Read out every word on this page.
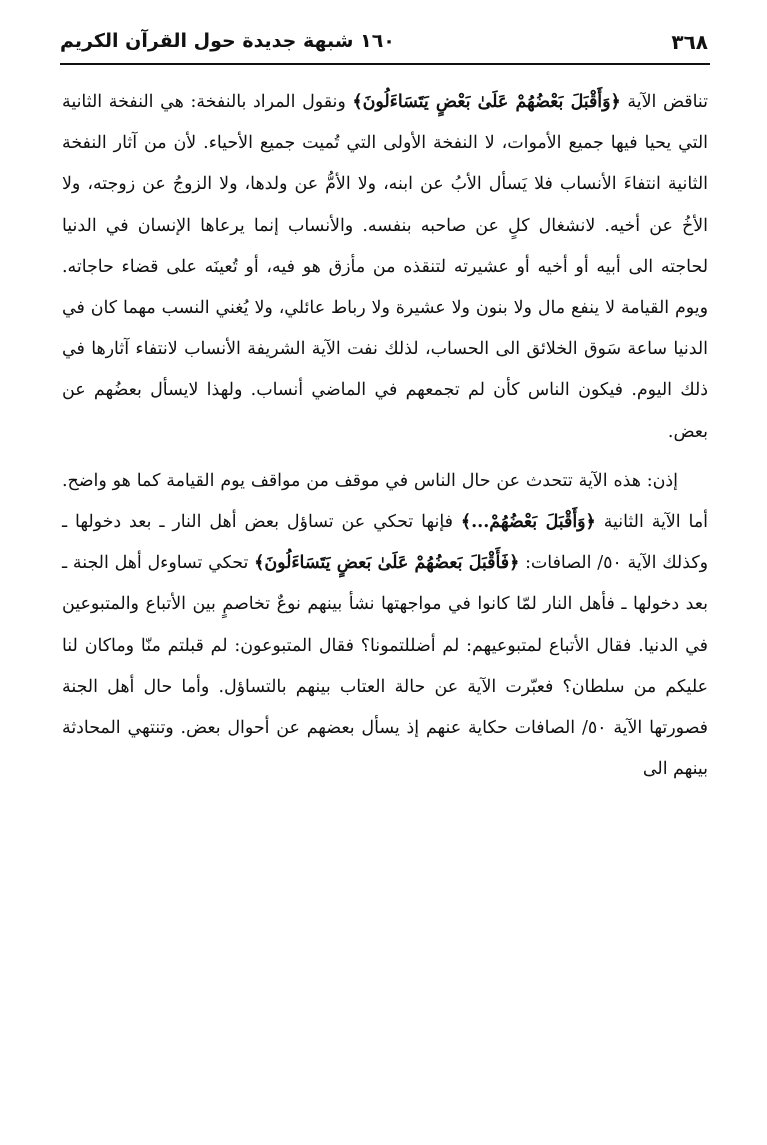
٣٦٨
١٦٠ شبهة جديدة حول القرآن الكريم

تناقض الآية ﴿وَأَقْبَلَ بَعْضُهُمْ عَلَىٰ بَعْضٍ يَتَسَاءَلُونَ﴾ ونقول المراد بالنفخة: هي النفخة الثانية التي يحيا فيها جميع الأموات، لا النفخة الأولى التي تُميت جميع الأحياء. لأن من آثار النفخة الثانية انتفاءَ الأنساب فلا يَسأل الأبُ عن ابنه، ولا الأمُّ عن ولدها، ولا الزوجُ عن زوجته، ولا الأخُ عن أخيه. لانشغال كلٍ عن صاحبه بنفسه. والأنساب إنما يرعاها الإنسان في الدنيا لحاجته الى أبيه أو أخيه أو عشيرته لتنقذه من مأزق هو فيه، أو تُعينَه على قضاء حاجاته. ويوم القيامة لا ينفع مال ولا بنون ولا عشيرة ولا رباط عائلي، ولا يُغني النسب مهما كان في الدنيا ساعة سَوق الخلائق الى الحساب، لذلك نفت الآية الشريفة الأنساب لانتفاء آثارها في ذلك اليوم. فيكون الناس كأن لم تجمعهم في الماضي أنساب. ولهذا لايسأل بعضُهم عن بعض.

إذن: هذه الآية تتحدث عن حال الناس في موقف من مواقف يوم القيامة كما هو واضح. أما الآية الثانية ﴿وَأَقْبَلَ بَعْضُهُمْ...﴾ فإنها تحكي عن تساؤل بعض أهل النار ـ بعد دخولها ـ وكذلك الآية ٥٠/ الصافات: ﴿فَأَقْبَلَ بَعضُهُمْ عَلَىٰ بَعضٍ يَتَسَاءَلُونَ﴾ تحكي تساوءل أهل الجنة ـ بعد دخولها ـ فأهل النار لمّا كانوا في مواجهتها نشأ بينهم نوعٌ تخاصمٍ بين الأتباع والمتبوعين في الدنيا. فقال الأتباع لمتبوعيهم: لم أضللتمونا؟ فقال المتبوعون: لم قبلتم منّا وماكان لنا عليكم من سلطان؟ فعبّرت الآية عن حالة العتاب بينهم بالتساؤل. وأما حال أهل الجنة فصورتها الآية ٥٠/ الصافات حكاية عنهم إذ يسأل بعضهم عن أحوال بعض. وتنتهي المحادثة بينهم الى
